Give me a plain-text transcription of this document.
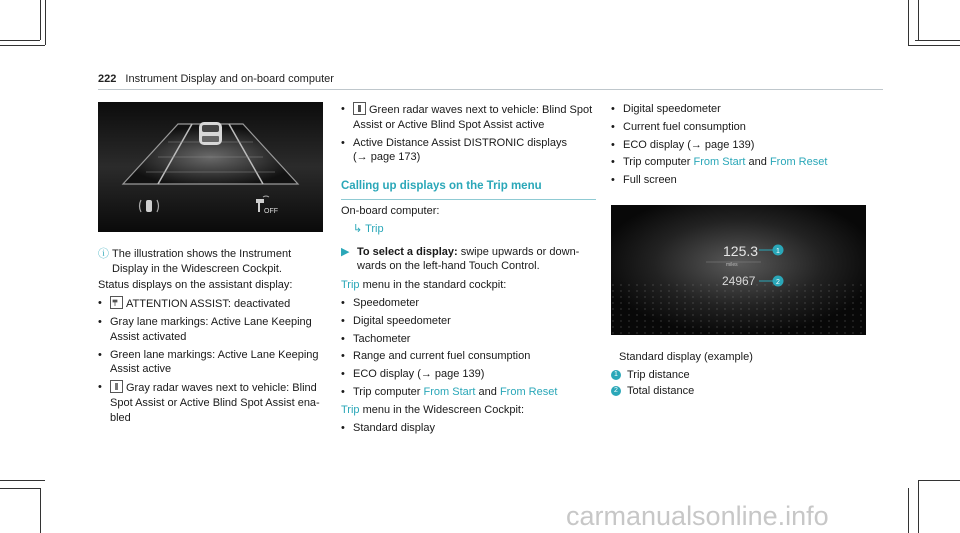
222 Instrument Display and on-board computer
OFF
ⓘ The illustration shows the Instrument Display in the Widescreen Cockpit.
Status displays on the assistant display:
• ATTENTION ASSIST: deactivated
• Gray lane markings: Active Lane Keeping Assist activated
• Green lane markings: Active Lane Keeping Assist active
• Gray radar waves next to vehicle: Blind Spot Assist or Active Blind Spot Assist ena-bled
• Green radar waves next to vehicle: Blind Spot Assist or Active Blind Spot Assist active
• Active Distance Assist DISTRONIC displays
(→ page 173)
Calling up displays on the Trip menu
On-board computer:
↳ Trip
▶ To select a display: swipe upwards or down-wards on the left-hand Touch Control.
Trip menu in the standard cockpit:
• Speedometer
• Digital speedometer
• Tachometer
• Range and current fuel consumption
• ECO display (→ page 139)
• Trip computer From Start and From Reset
Trip menu in the Widescreen Cockpit:
• Standard display
• Digital speedometer
• Current fuel consumption
• ECO display (→ page 139)
• Trip computer From Start and From Reset
• Full screen
125.3	1
miles
24967	2
Standard display (example)
1 Trip distance
2 Total distance
carmanualsonline.info
